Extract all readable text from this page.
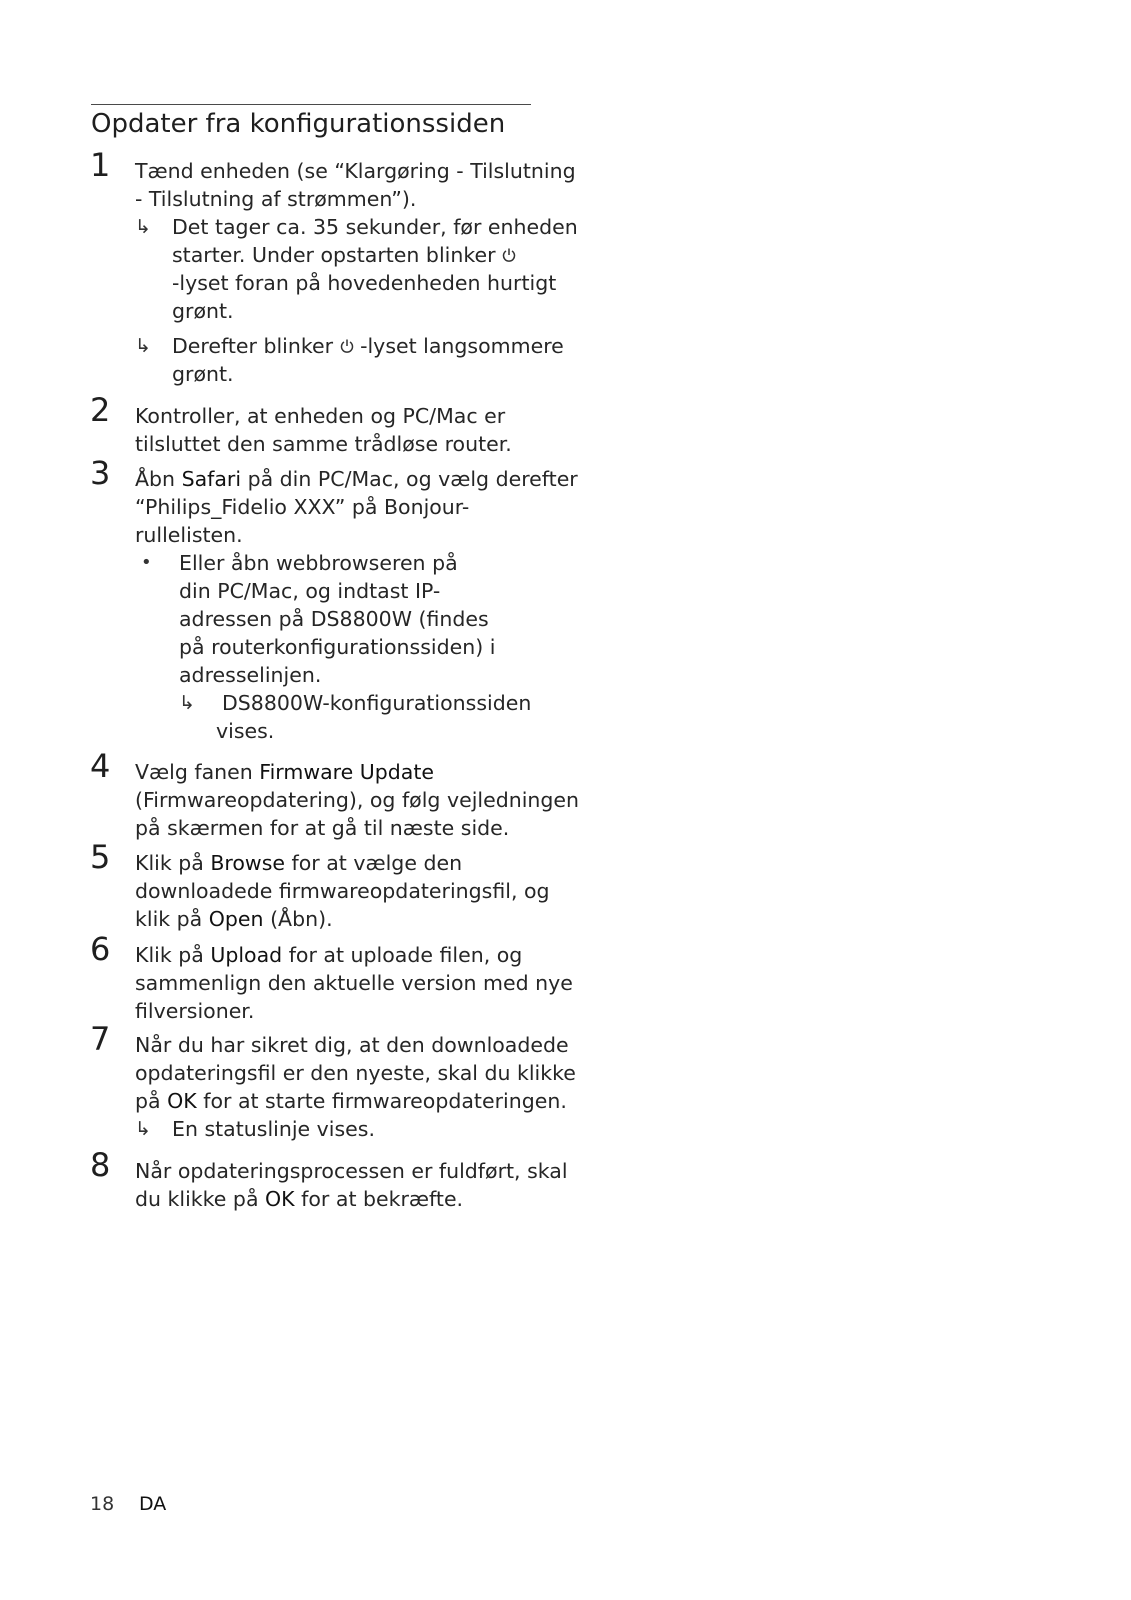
Opdater fra konfigurationssiden
1 Tænd enheden (se “Klargøring - Tilslutning
- Tilslutning af strømmen”).
↳ Det tager ca. 35 sekunder, før enheden
starter. Under opstarten blinker
-lyset foran på hovedenheden hurtigt
grønt.
↳ Derefter blinker -lyset langsommere
grønt.
2 Kontroller, at enheden og PC/Mac er
tilsluttet den samme trådløse router.
3 Åbn Safari på din PC/Mac, og vælg derefter
“Philips_Fidelio XXX” på Bonjour-
rullelisten.
• Eller åbn webbrowseren på
din PC/Mac, og indtast IP-
adressen på DS8800W (findes
på routerkonfigurationssiden) i
adresselinjen.
↳ DS8800W-konfigurationssiden
vises.
4 Vælg fanen Firmware Update
(Firmwareopdatering), og følg vejledningen
på skærmen for at gå til næste side.
5 Klik på Browse for at vælge den
downloadede firmwareopdateringsfil, og
klik på Open (Åbn).
6 Klik på Upload for at uploade filen, og
sammenlign den aktuelle version med nye
filversioner.
7 Når du har sikret dig, at den downloadede
opdateringsfil er den nyeste, skal du klikke
på OK for at starte firmwareopdateringen.
↳ En statuslinje vises.
8 Når opdateringsprocessen er fuldført, skal
du klikke på OK for at bekræfte.
18 DA
